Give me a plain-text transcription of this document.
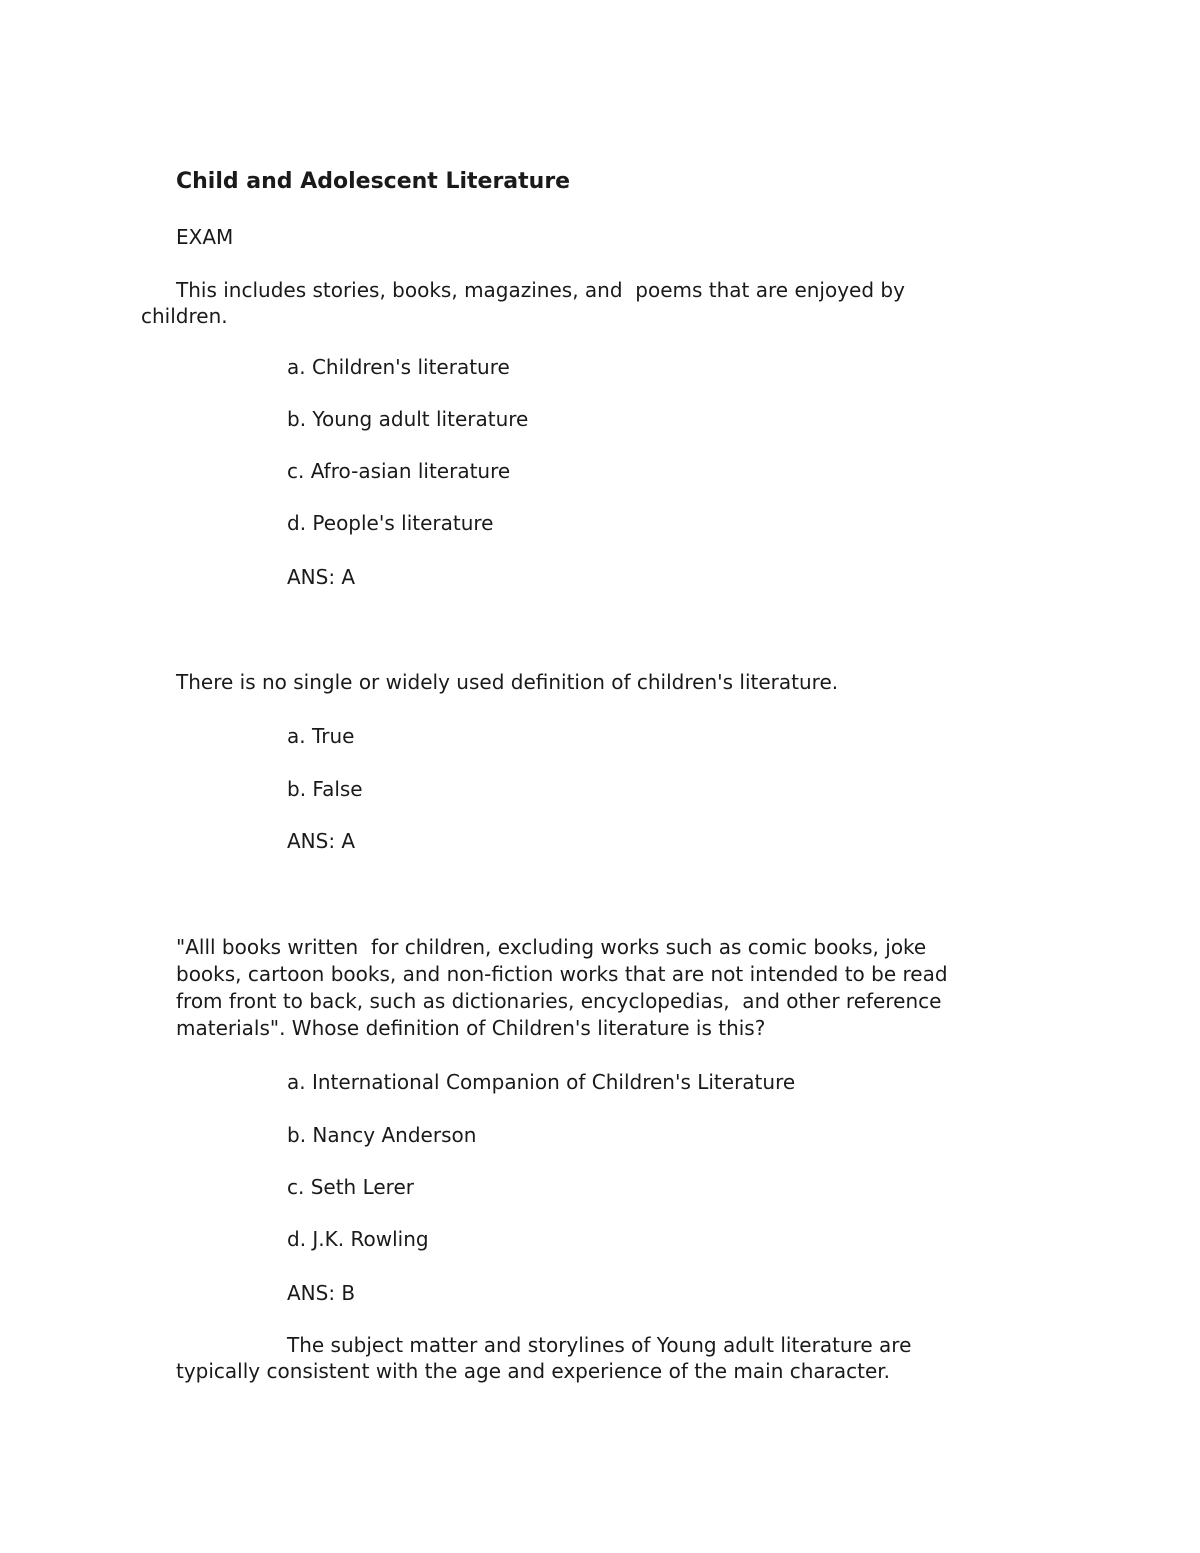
Child and Adolescent Literature
EXAM
This includes stories, books, magazines, and  poems that are enjoyed by
children.
a. Children's literature
b. Young adult literature
c. Afro-asian literature
d. People's literature
ANS: A
There is no single or widely used definition of children's literature.
a. True
b. False
ANS: A
"Alll books written  for children, excluding works such as comic books, joke
books, cartoon books, and non-fiction works that are not intended to be read
from front to back, such as dictionaries, encyclopedias,  and other reference
materials". Whose definition of Children's literature is this?
a. International Companion of Children's Literature
b. Nancy Anderson
c. Seth Lerer
d. J.K. Rowling
ANS: B
The subject matter and storylines of Young adult literature are
typically consistent with the age and experience of the main character.
